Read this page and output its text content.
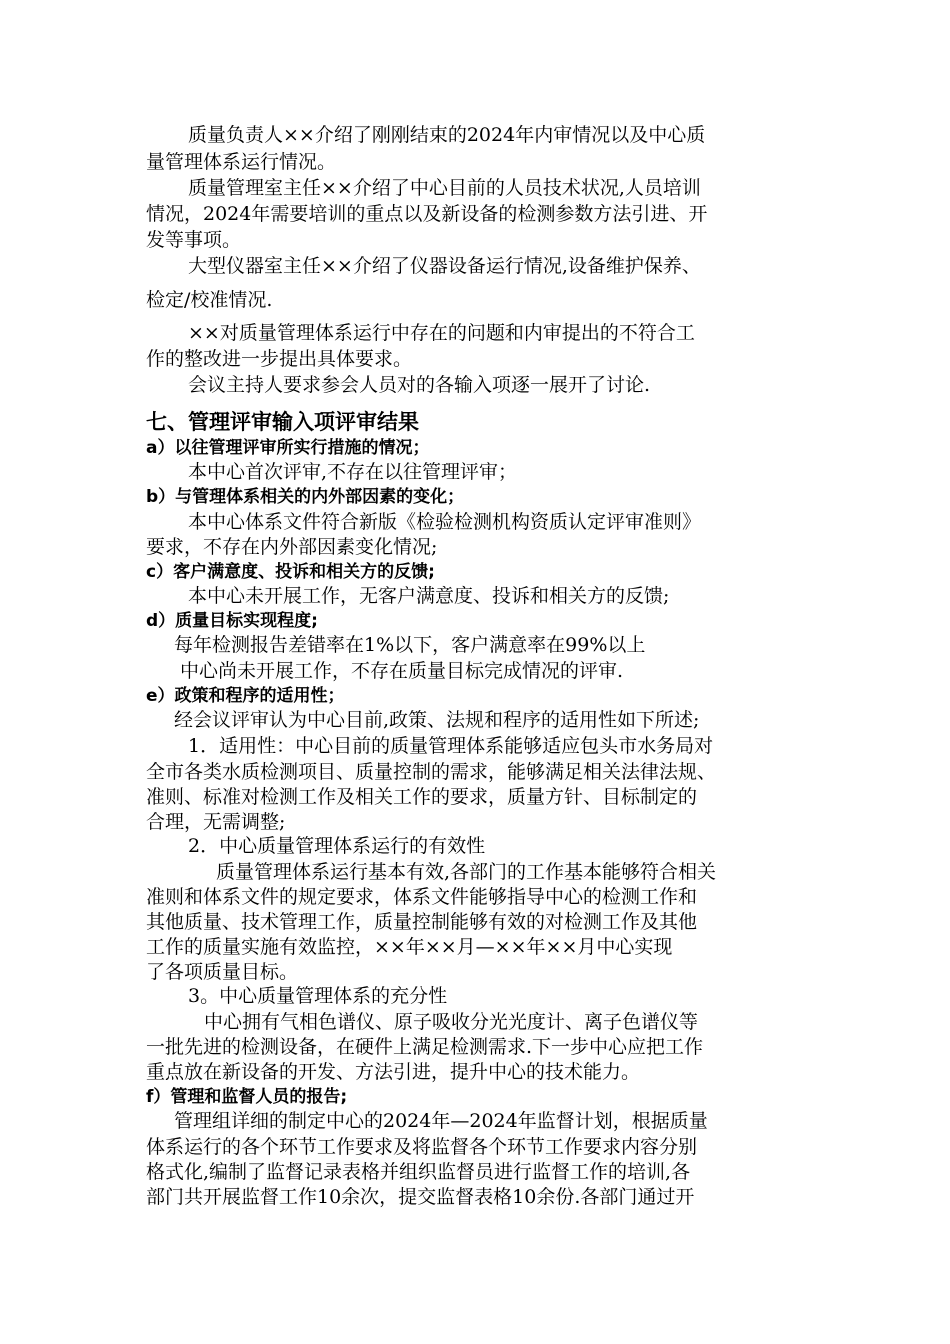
质量负责人××介绍了刚刚结束的2024年内审情况以及中心质
量管理体系运行情况。
质量管理室主任××介绍了中心目前的人员技术状况,人员培训
情况，2024年需要培训的重点以及新设备的检测参数方法引进、开
发等事项。
大型仪器室主任××介绍了仪器设备运行情况,设备维护保养、
检定/校准情况.
××对质量管理体系运行中存在的问题和内审提出的不符合工
作的整改进一步提出具体要求。
会议主持人要求参会人员对的各输入项逐一展开了讨论.
七、管理评审输入项评审结果
a）以往管理评审所实行措施的情况；
本中心首次评审,不存在以往管理评审；
b）与管理体系相关的内外部因素的变化；
本中心体系文件符合新版《检验检测机构资质认定评审准则》
要求，不存在内外部因素变化情况;
c）客户满意度、投诉和相关方的反馈;
本中心未开展工作，无客户满意度、投诉和相关方的反馈;
d）质量目标实现程度;
每年检测报告差错率在1%以下，客户满意率在99%以上
中心尚未开展工作，不存在质量目标完成情况的评审.
e）政策和程序的适用性；
经会议评审认为中心目前,政策、法规和程序的适用性如下所述;
1．适用性：中心目前的质量管理体系能够适应包头市水务局对
全市各类水质检测项目、质量控制的需求，能够满足相关法律法规、
准则、标准对检测工作及相关工作的要求，质量方针、目标制定的
合理，无需调整;
2．中心质量管理体系运行的有效性
质量管理体系运行基本有效,各部门的工作基本能够符合相关
准则和体系文件的规定要求，体系文件能够指导中心的检测工作和
其他质量、技术管理工作，质量控制能够有效的对检测工作及其他
工作的质量实施有效监控，××年××月—××年××月中心实现
了各项质量目标。
3。中心质量管理体系的充分性
中心拥有气相色谱仪、原子吸收分光光度计、离子色谱仪等
一批先进的检测设备，在硬件上满足检测需求.下一步中心应把工作
重点放在新设备的开发、方法引进，提升中心的技术能力。
f）管理和监督人员的报告;
管理组详细的制定中心的2024年—2024年监督计划，根据质量
体系运行的各个环节工作要求及将监督各个环节工作要求内容分别
格式化,编制了监督记录表格并组织监督员进行监督工作的培训,各
部门共开展监督工作10余次，提交监督表格10余份.各部门通过开
